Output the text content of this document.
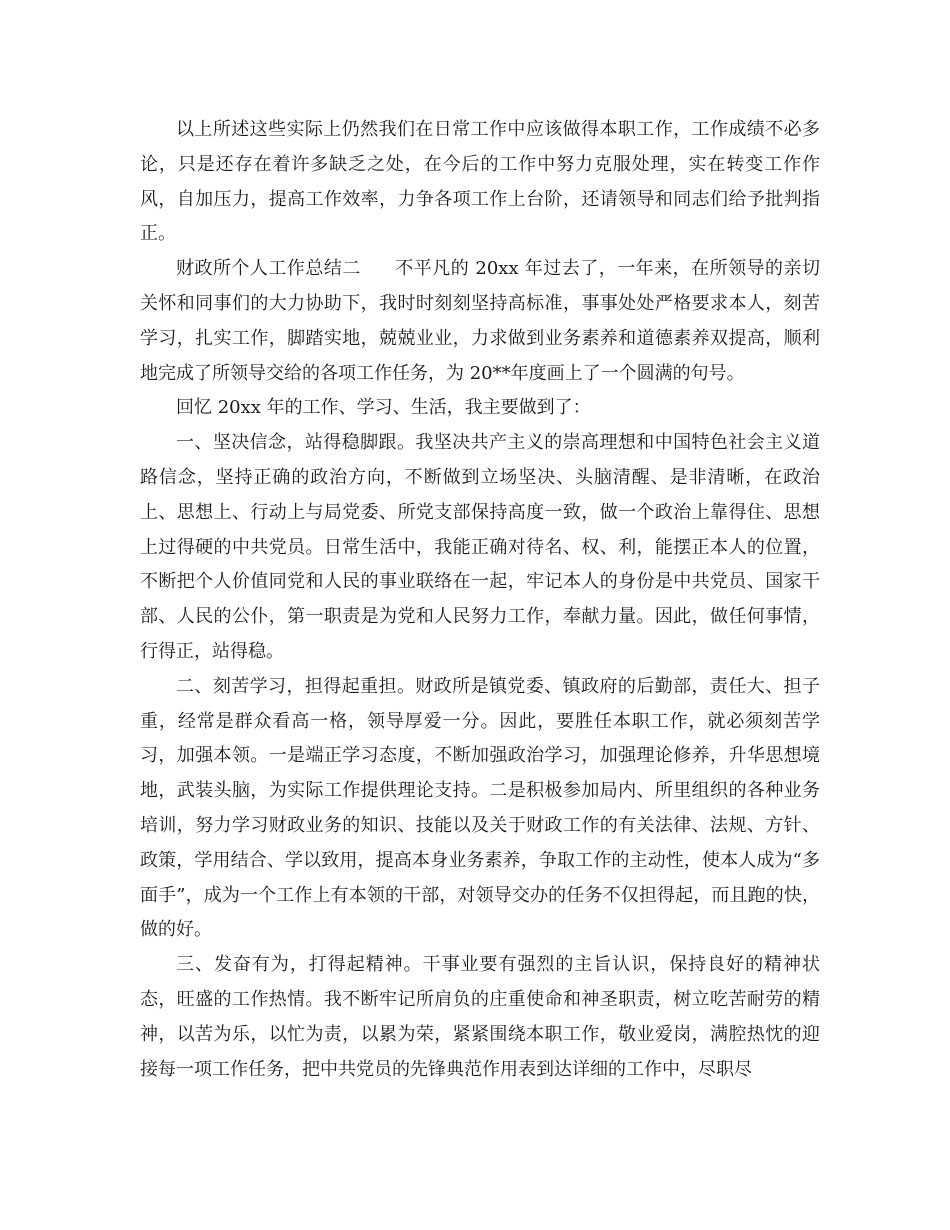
以上所述这些实际上仍然我们在日常工作中应该做得本职工作，工作成绩不必多论，只是还存在着许多缺乏之处，在今后的工作中努力克服处理，实在转变工作作风，自加压力，提高工作效率，力争各项工作上台阶，还请领导和同志们给予批判指正。

财政所个人工作总结二 不平凡的 20xx 年过去了，一年来，在所领导的亲切关怀和同事们的大力协助下，我时时刻刻坚持高标准，事事处处严格要求本人，刻苦学习，扎实工作，脚踏实地，兢兢业业，力求做到业务素养和道德素养双提高，顺利地完成了所领导交给的各项工作任务，为 20**年度画上了一个圆满的句号。

回忆 20xx 年的工作、学习、生活，我主要做到了：

一、坚决信念，站得稳脚跟。我坚决共产主义的崇高理想和中国特色社会主义道路信念，坚持正确的政治方向，不断做到立场坚决、头脑清醒、是非清晰，在政治上、思想上、行动上与局党委、所党支部保持高度一致，做一个政治上靠得住、思想上过得硬的中共党员。日常生活中，我能正确对待名、权、利，能摆正本人的位置，不断把个人价值同党和人民的事业联络在一起，牢记本人的身份是中共党员、国家干部、人民的公仆，第一职责是为党和人民努力工作，奉献力量。因此，做任何事情，行得正，站得稳。

二、刻苦学习，担得起重担。财政所是镇党委、镇政府的后勤部，责任大、担子重，经常是群众看高一格，领导厚爱一分。因此，要胜任本职工作，就必须刻苦学习，加强本领。一是端正学习态度，不断加强政治学习，加强理论修养，升华思想境地，武装头脑，为实际工作提供理论支持。二是积极参加局内、所里组织的各种业务培训，努力学习财政业务的知识、技能以及关于财政工作的有关法律、法规、方针、政策，学用结合、学以致用，提高本身业务素养，争取工作的主动性，使本人成为“多面手”，成为一个工作上有本领的干部，对领导交办的任务不仅担得起，而且跑的快，做的好。

三、发奋有为，打得起精神。干事业要有强烈的主旨认识，保持良好的精神状态，旺盛的工作热情。我不断牢记所肩负的庄重使命和神圣职责，树立吃苦耐劳的精神，以苦为乐，以忙为责，以累为荣，紧紧围绕本职工作，敬业爱岗，满腔热忱的迎接每一项工作任务，把中共党员的先锋典范作用表到达详细的工作中，尽职尽
